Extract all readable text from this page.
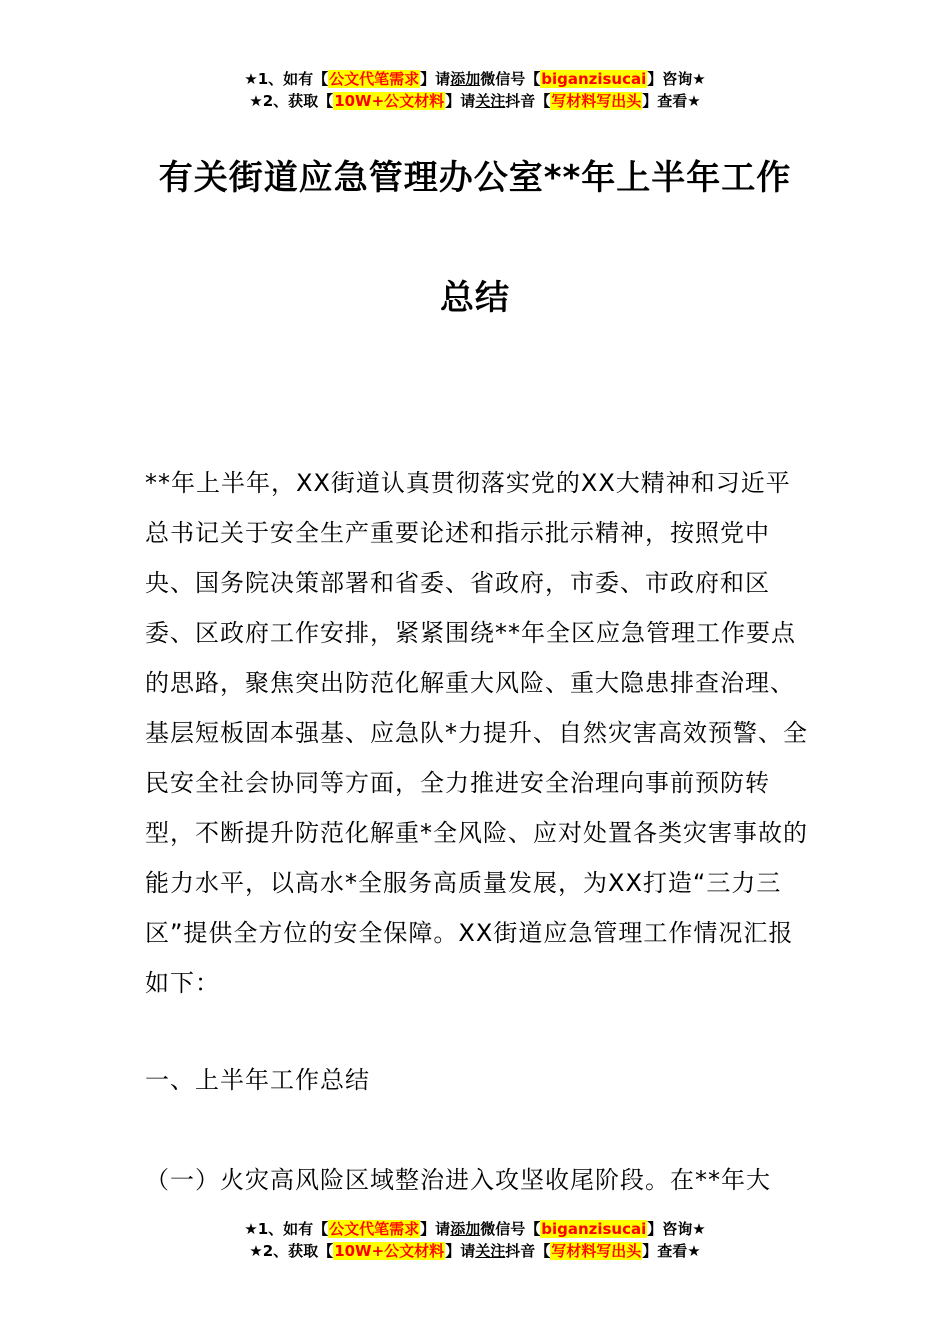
★1、如有【公文代笔需求】请添加微信号【biganzisucai】咨询★
★2、获取【10W+公文材料】请关注抖音【写材料写出头】查看★
有关街道应急管理办公室**年上半年工作
总结
**年上半年，XX街道认真贯彻落实党的XX大精神和习近平总书记关于安全生产重要论述和指示批示精神，按照党中央、国务院决策部署和省委、省政府，市委、市政府和区委、区政府工作安排，紧紧围绕**年全区应急管理工作要点的思路，聚焦突出防范化解重大风险、重大隐患排查治理、基层短板固本强基、应急队*力提升、自然灾害高效预警、全民安全社会协同等方面，全力推进安全治理向事前预防转型，不断提升防范化解重*全风险、应对处置各类灾害事故的能力水平，以高水*全服务高质量发展，为XX打造“三力三区”提供全方位的安全保障。XX街道应急管理工作情况汇报如下：
一、上半年工作总结
（一）火灾高风险区域整治进入攻坚收尾阶段。在**年大
★1、如有【公文代笔需求】请添加微信号【biganzisucai】咨询★
★2、获取【10W+公文材料】请关注抖音【写材料写出头】查看★
